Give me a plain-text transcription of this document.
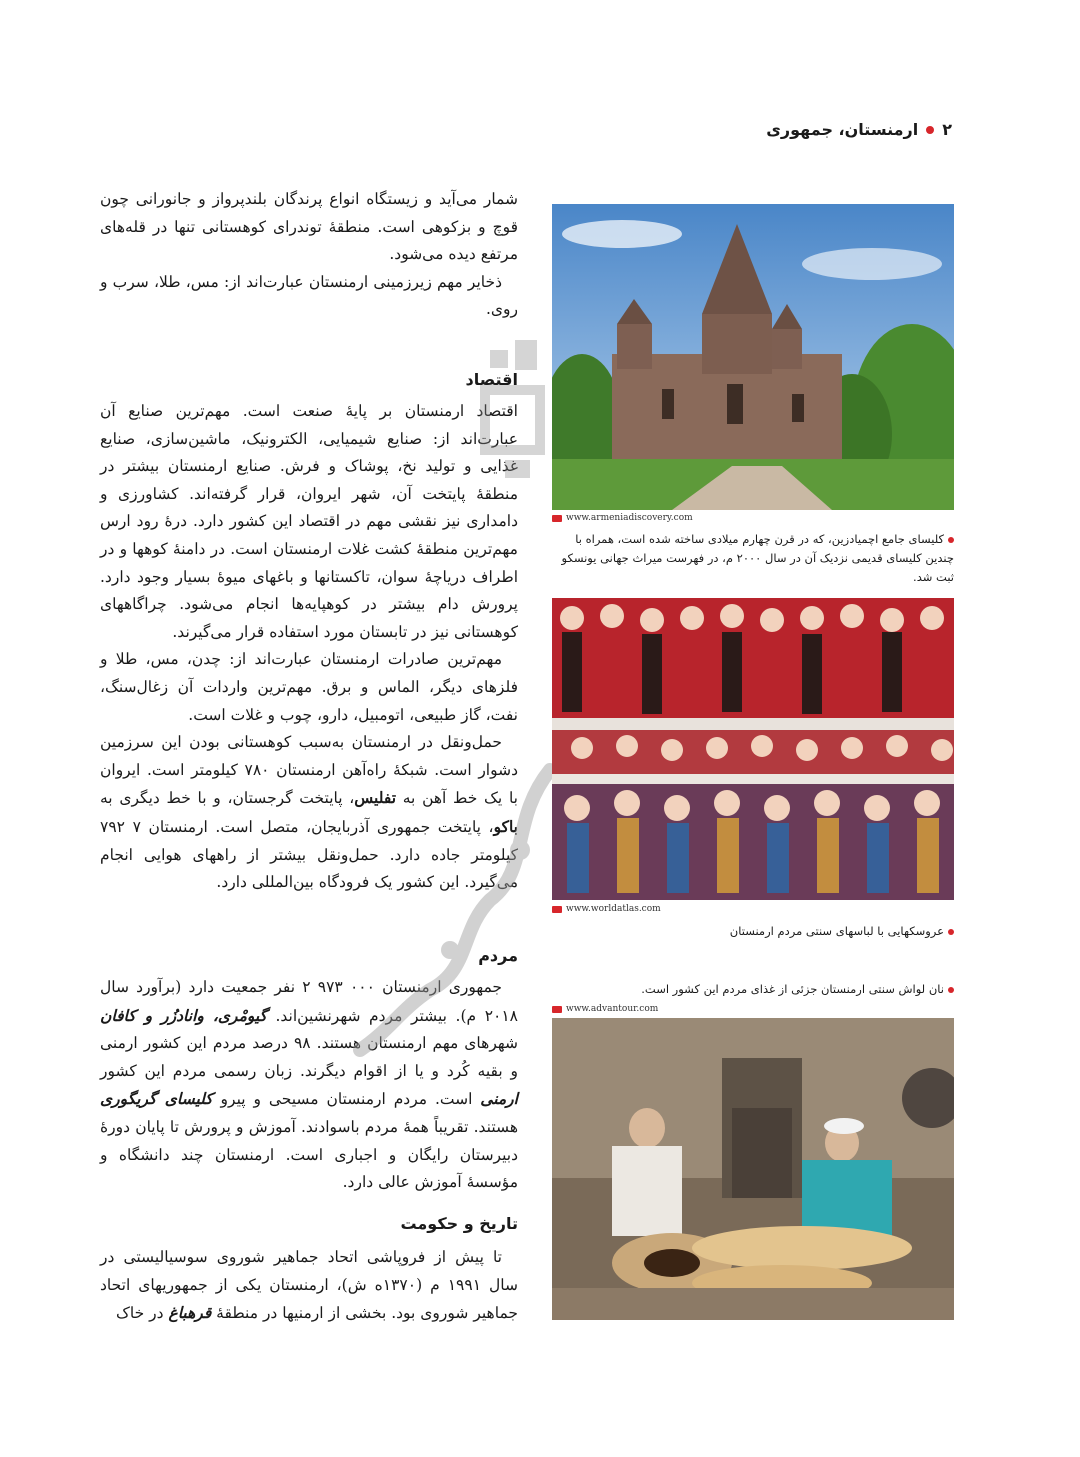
۲
ارمنستان، جمهوری

شمار می‌آید و زیستگاه انواع پرندگان بلندپرواز و جانورانی چون قوچ و بزکوهی است. منطقهٔ توندرای کوهستانی تنها در قله‌های مرتفع دیده می‌شود.

ذخایر مهم زیرزمینی ارمنستان عبارت‌اند از: مس، طلا، سرب و روی.

اقتصاد

اقتصاد ارمنستان بر پایهٔ صنعت است. مهم‌ترین صنایع آن عبارت‌اند از: صنایع شیمیایی، الکترونیک، ماشین‌سازی، صنایع غذایی و تولید نخ، پوشاک و فرش. صنایع ارمنستان بیشتر در منطقهٔ پایتخت آن، شهر ایروان، قرار گرفته‌اند. کشاورزی و دامداری نیز نقشی مهم در اقتصاد این کشور دارد. درهٔ رود ارس مهم‌ترین منطقهٔ کشت غلات ارمنستان است. در دامنهٔ کوهها و در اطراف دریاچهٔ سوان، تاکستانها و باغهای میوهٔ بسیار وجود دارد. پرورش دام بیشتر در کوهپایه‌ها انجام می‌شود. چراگاههای کوهستانی نیز در تابستان مورد استفاده قرار می‌گیرند.

مهم‌ترین صادرات ارمنستان عبارت‌اند از: چدن، مس، طلا و فلزهای دیگر، الماس و برق. مهم‌ترین واردات آن زغال‌سنگ، نفت، گاز طبیعی، اتومبیل، دارو، چوب و غلات است.

حمل‌ونقل در ارمنستان به‌سبب کوهستانی بودن این سرزمین دشوار است. شبکهٔ راه‌آهن ارمنستان ۷۸۰ کیلومتر است. ایروان با یک خط آهن به تفلیس، پایتخت گرجستان، و با خط دیگری به باکو، پایتخت جمهوری آذربایجان، متصل است. ارمنستان ۷ ۷۹۲ کیلومتر جاده دارد. حمل‌ونقل بیشتر از راههای هوایی انجام می‌گیرد. این کشور یک فرودگاه بین‌المللی دارد.

مردم

جمهوری ارمنستان ۰۰۰ ۹۷۳ ۲ نفر جمعیت دارد (برآورد سال ۲۰۱۸ م). بیشتر مردم شهرنشین‌اند. گیومْری، وانادزُر و کافان شهرهای مهم ارمنستان هستند. ۹۸ درصد مردم این کشور ارمنی و بقیه کُرد و یا از اقوام دیگرند. زبان رسمی مردم این کشور ارمنی است. مردم ارمنستان مسیحی و پیرو کلیسای گریگوری هستند. تقریباً همهٔ مردم باسوادند. آموزش و پرورش تا پایان دورهٔ دبیرستان رایگان و اجباری است. ارمنستان چند دانشگاه و مؤسسهٔ آموزش عالی دارد.

تاریخ و حکومت

تا پیش از فروپاشی اتحاد جماهیر شوروی سوسیالیستی در سال ۱۹۹۱ م (۱۳۷۰ه ش)، ارمنستان یکی از جمهوریهای اتحاد جماهیر شوروی بود. بخشی از ارمنیها در منطقهٔ قرهباغ در خاک

www.armeniadiscovery.com
کلیسای جامع اچمیادزین، که در قرن چهارم میلادی ساخته شده است، همراه با چندین کلیسای قدیمی نزدیک آن در سال ۲۰۰۰ م، در فهرست میراث جهانی یونسکو ثبت شد.
www.worldatlas.com
عروسکهایی با لباسهای سنتی مردم ارمنستان
نان لواش سنتی ارمنستان جزئی از غذای مردم این کشور است.
www.advantour.com
